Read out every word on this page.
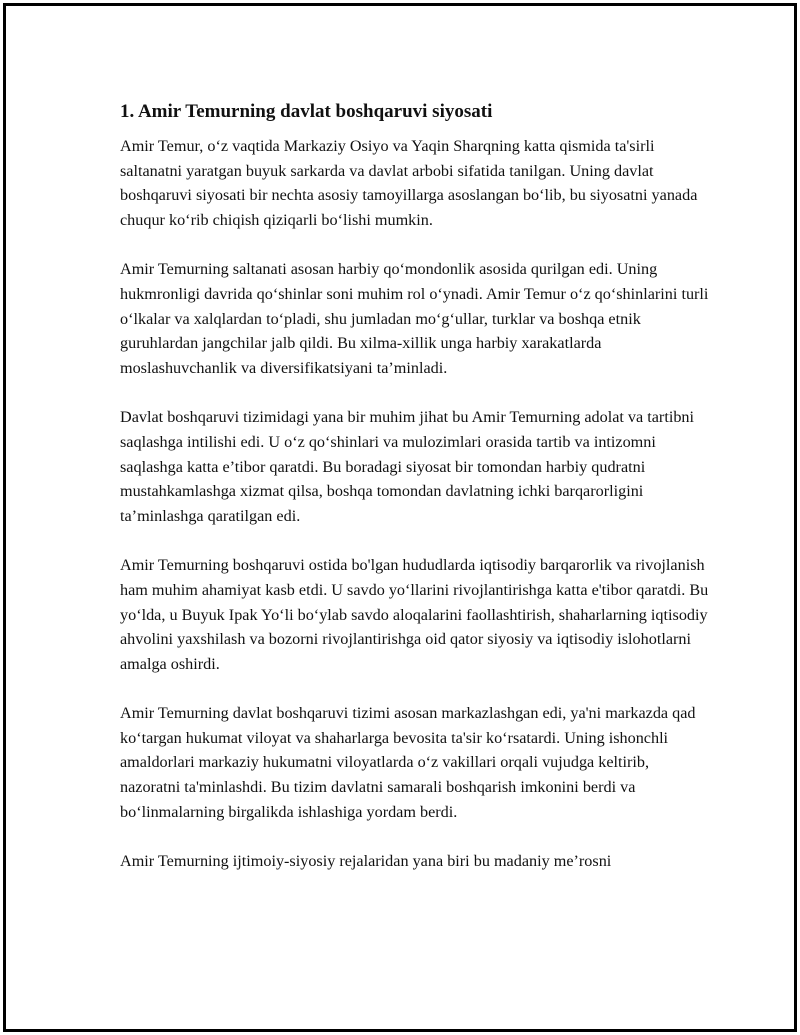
1. Amir Temurning davlat boshqaruvi siyosati

Amir Temur, o‘z vaqtida Markaziy Osiyo va Yaqin Sharqning katta qismida ta'sirli saltanatni yaratgan buyuk sarkarda va davlat arbobi sifatida tanilgan. Uning davlat boshqaruvi siyosati bir nechta asosiy tamoyillarga asoslangan bo‘lib, bu siyosatni yanada chuqur ko‘rib chiqish qiziqarli bo‘lishi mumkin.

Amir Temurning saltanati asosan harbiy qo‘mondonlik asosida qurilgan edi. Uning hukmronligi davrida qo‘shinlar soni muhim rol o‘ynadi. Amir Temur o‘z qo‘shinlarini turli o‘lkalar va xalqlardan to‘pladi, shu jumladan mo‘g‘ullar, turklar va boshqa etnik guruhlardan jangchilar jalb qildi. Bu xilma-xillik unga harbiy xarakatlarda moslashuvchanlik va diversifikatsiyani ta’minladi.

Davlat boshqaruvi tizimidagi yana bir muhim jihat bu Amir Temurning adolat va tartibni saqlashga intilishi edi. U o‘z qo‘shinlari va mulozimlari orasida tartib va intizomni saqlashga katta e’tibor qaratdi. Bu boradagi siyosat bir tomondan harbiy qudratni mustahkamlashga xizmat qilsa, boshqa tomondan davlatning ichki barqarorligini ta’minlashga qaratilgan edi.

Amir Temurning boshqaruvi ostida bo'lgan hududlarda iqtisodiy barqarorlik va rivojlanish ham muhim ahamiyat kasb etdi. U savdo yo‘llarini rivojlantirishga katta e'tibor qaratdi. Bu yo‘lda, u Buyuk Ipak Yo‘li bo‘ylab savdo aloqalarini faollashtirish, shaharlarning iqtisodiy ahvolini yaxshilash va bozorni rivojlantirishga oid qator siyosiy va iqtisodiy islohotlarni amalga oshirdi.

Amir Temurning davlat boshqaruvi tizimi asosan markazlashgan edi, ya'ni markazda qad ko‘targan hukumat viloyat va shaharlarga bevosita ta'sir ko‘rsatardi. Uning ishonchli amaldorlari markaziy hukumatni viloyatlarda o‘z vakillari orqali vujudga keltirib, nazoratni ta'minlashdi. Bu tizim davlatni samarali boshqarish imkonini berdi va bo‘linmalarning birgalikda ishlashiga yordam berdi.

Amir Temurning ijtimoiy-siyosiy rejalaridan yana biri bu madaniy me’rosni
